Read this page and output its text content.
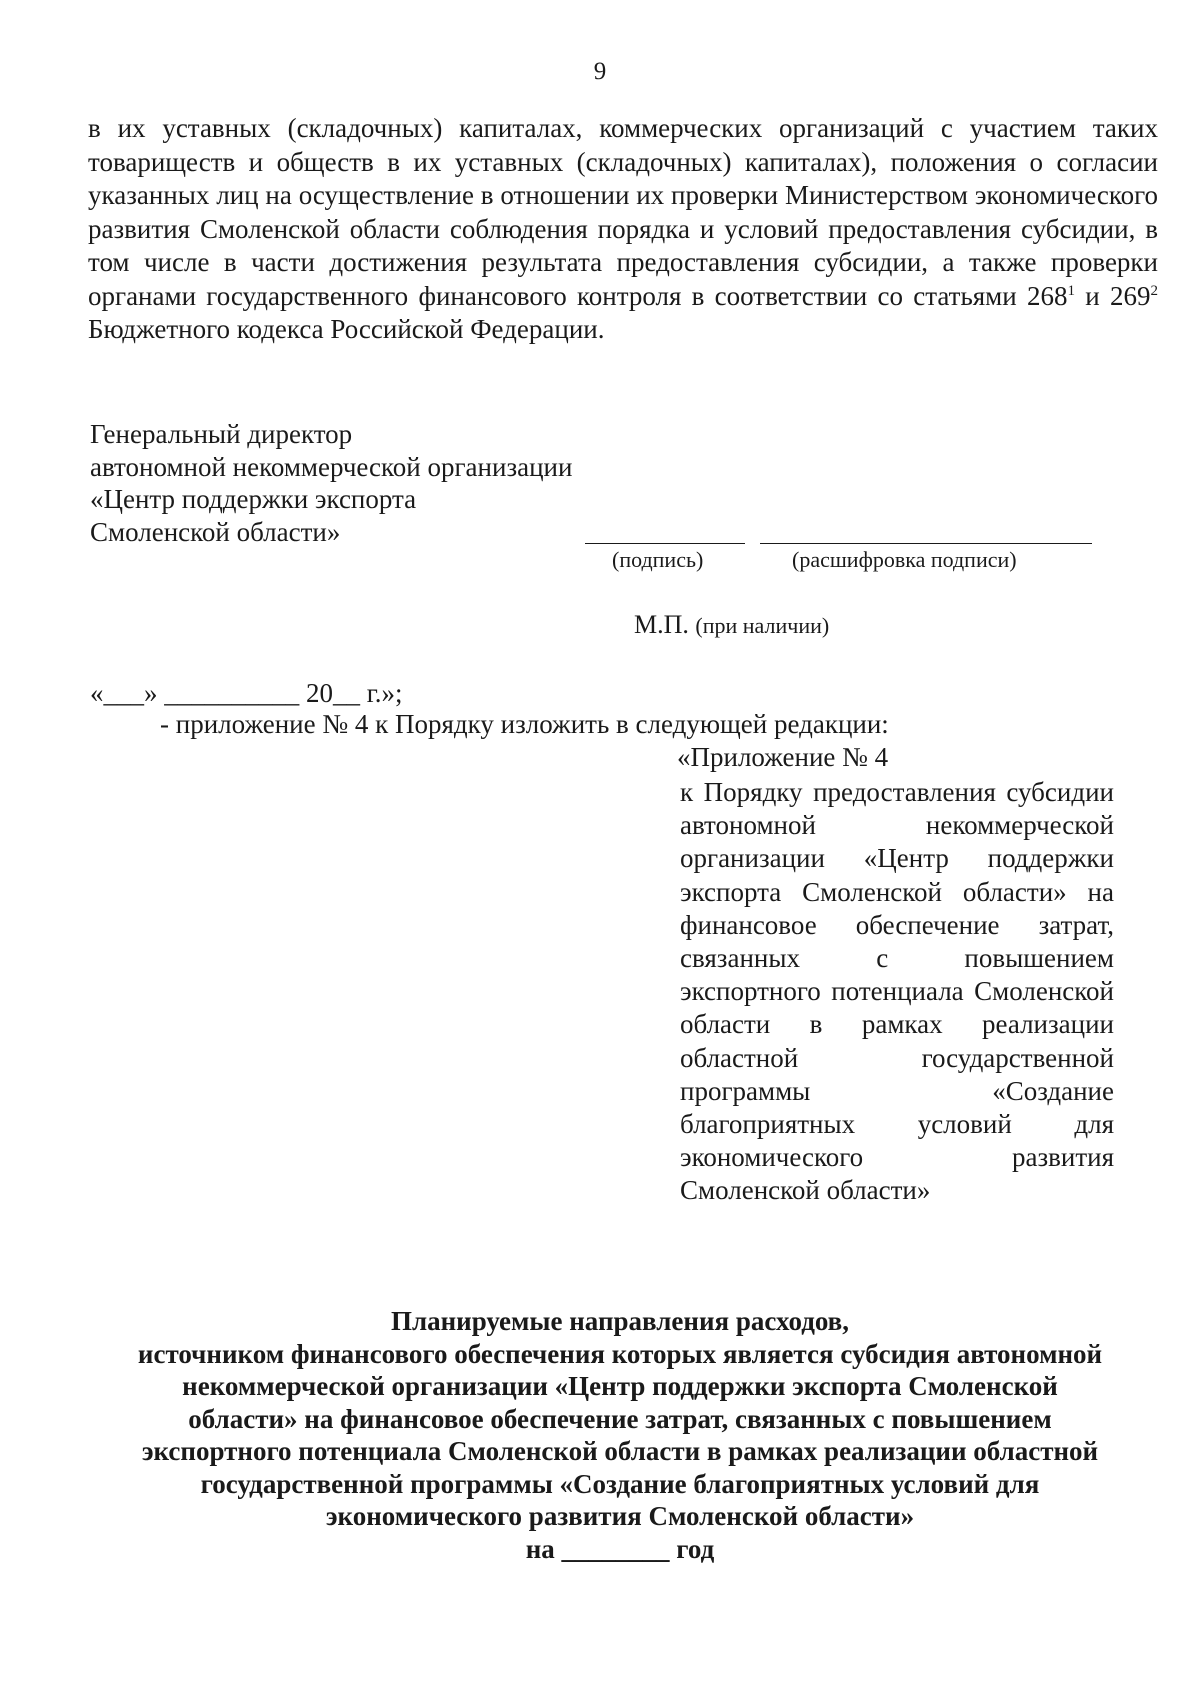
9

в их уставных (складочных) капиталах, коммерческих организаций с участием таких товариществ и обществ в их уставных (складочных) капиталах), положения о согласии указанных лиц на осуществление в отношении их проверки Министерством экономического развития Смоленской области соблюдения порядка и условий предоставления субсидии, в том числе в части достижения результата предоставления субсидии, а также проверки органами государственного финансового контроля в соответствии со статьями $268^1$ и $269^2$ Бюджетного кодекса Российской Федерации.

Генеральный директор
автономной некоммерческой организации
«Центр поддержки экспорта
Смоленской области»
(подпись)	(расшифровка подписи)
М.П. (при наличии)
«___» __________ 20__ г.»;
- приложение № 4 к Порядку изложить в следующей редакции:
«Приложение № 4

к Порядку предоставления субсидии автономной некоммерческой организации «Центр поддержки экспорта Смоленской области» на финансовое обеспечение затрат, связанных с повышением экспортного потенциала Смоленской области в рамках реализации областной государственной программы «Создание благоприятных условий для экономического развития Смоленской области»

Планируемые направления расходов,
источником финансового обеспечения которых является субсидия автономной
некоммерческой организации «Центр поддержки экспорта Смоленской
области» на финансовое обеспечение затрат, связанных с повышением
экспортного потенциала Смоленской области в рамках реализации областной
государственной программы «Создание благоприятных условий для
экономического развития Смоленской области»
на ________ год
